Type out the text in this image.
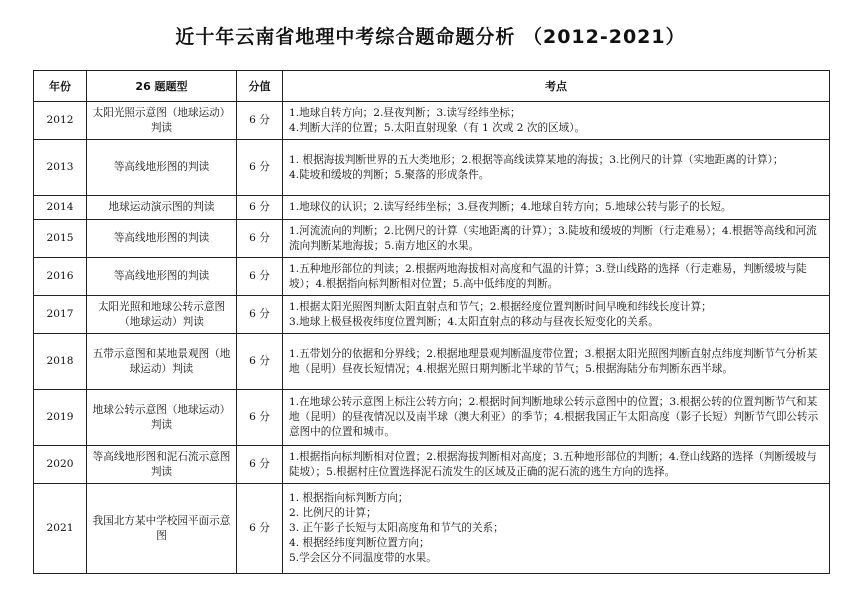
近十年云南省地理中考综合题命题分析 （2012-2021）
年份	26 题题型	分值	考点
2012	太阳光照示意图（地球运动）判读	6 分	1.地球自转方向；2.昼夜判断；3.读写经纬坐标；
4.判断大洋的位置；5.太阳直射现象（有 1 次或 2 次的区域）。

2013	等高线地形图的判读	6 分	1. 根据海拔判断世界的五大类地形；2.根据等高线读算某地的海拔；3.比例尺的计算（实地距离的计算）；
4.陡坡和缓坡的判断；5.聚落的形成条件。

2014	地球运动演示图的判读	6 分	1.地球仪的认识；2.读写经纬坐标；3.昼夜判断；4.地球自转方向；5.地球公转与影子的长短。

2015	等高线地形图的判读	6 分	1.河流流向的判断；2.比例尺的计算（实地距离的计算）；3.陡坡和缓坡的判断（行走难易）；4.根据等高线和河流流向判断某地海拔；5.南方地区的水果。

2016	等高线地形图的判读	6 分	1.五种地形部位的判读；2.根据两地海拔相对高度和气温的计算；3.登山线路的选择（行走难易，判断缓坡与陡坡）；4.根据指向标判断相对位置；5.高中低纬度的判断。

2017	太阳光照和地球公转示意图（地球运动）判读	6 分	1.根据太阳光照图判断太阳直射点和节气；2.根据经度位置判断时间早晚和纬线长度计算；
3.地球上极昼极夜纬度位置判断；4.太阳直射点的移动与昼夜长短变化的关系。

2018	五带示意图和某地景观图（地球运动）判读	6 分	1.五带划分的依据和分界线；2.根据地理景观判断温度带位置；3.根据太阳光照图判断直射点纬度判断节气分析某地（昆明）昼夜长短情况；4.根据光照日期判断北半球的节气；5.根据海陆分布判断东西半球。

2019	地球公转示意图（地球运动）判读	6 分	1.在地球公转示意图上标注公转方向；2.根据时间判断地球公转示意图中的位置；3.根据公转的位置判断节气和某地（昆明）的昼夜情况以及南半球（澳大利亚）的季节；4.根据我国正午太阳高度（影子长短）判断节气即公转示意图中的位置和城市。

2020	等高线地形图和泥石流示意图判读	6 分	1.根据指向标判断相对位置；2.根据海拔判断相对高度；3.五种地形部位的判断；4.登山线路的选择（判断缓坡与陡坡）；5.根据村庄位置选择泥石流发生的区域及正确的泥石流的逃生方向的选择。

2021	我国北方某中学校园平面示意图	6 分	1. 根据指向标判断方向；
2. 比例尺的计算；
3. 正午影子长短与太阳高度角和节气的关系；
4. 根据经纬度判断位置方向；
5.学会区分不同温度带的水果。
